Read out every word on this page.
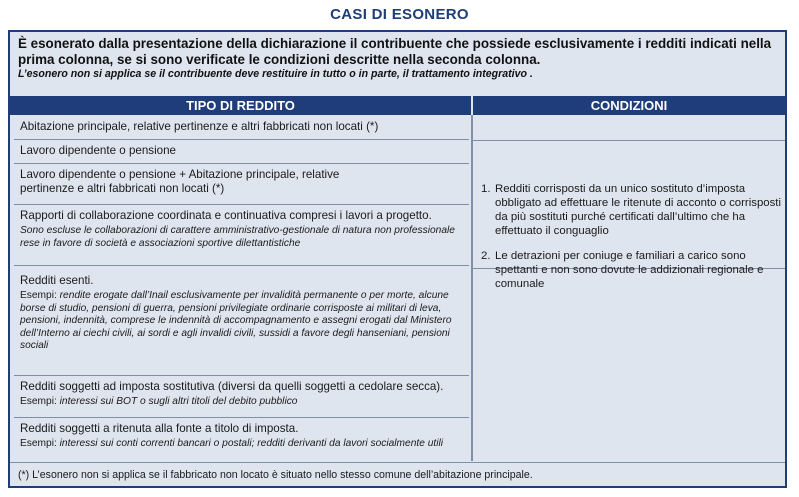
CASI DI ESONERO
È esonerato dalla presentazione della dichiarazione il contribuente che possiede esclusivamente i redditi indicati nella prima colonna, se si sono verificate le condizioni descritte nella seconda colonna.
L’esonero non si applica se il contribuente deve restituire in tutto o in parte, il trattamento integrativo .
TIPO DI REDDITO	CONDIZIONI
Abitazione principale, relative pertinenze e altri fabbricati non locati (*)
Lavoro dipendente o pensione
Lavoro dipendente o pensione + Abitazione principale, relative pertinenze e altri fabbricati non locati (*)
Rapporti di collaborazione coordinata e continuativa compresi i lavori a progetto.
Sono escluse le collaborazioni di carattere amministrativo-gestionale di natura non professionale rese in favore di società e associazioni sportive dilettantistiche
Redditi esenti.
Esempi: rendite erogate dall’Inail esclusivamente per invalidità permanente o per morte, alcune borse di studio, pensioni di guerra, pensioni privilegiate ordinarie corrisposte ai militari di leva, pensioni, indennità, comprese le indennità di accompagnamento e assegni erogati dal Ministero dell’Interno ai ciechi civili, ai sordi e agli invalidi civili, sussidi a favore degli hanseniani, pensioni sociali
Redditi soggetti ad imposta sostitutiva (diversi da quelli soggetti a cedolare secca).
Esempi: interessi sui BOT o sugli altri titoli del debito pubblico
Redditi soggetti a ritenuta alla fonte a titolo di imposta.
Esempi: interessi sui conti correnti bancari o postali; redditi derivanti da lavori socialmente utili
1. Redditi corrisposti da un unico sostituto d’imposta obbligato ad effettuare le ritenute di acconto o corrisposti da più sostituti purché certificati dall’ultimo che ha effettuato il conguaglio
2. Le detrazioni per coniuge e familiari a carico sono spettanti e non sono dovute le addizionali regionale e comunale
(*) L’esonero non si applica se il fabbricato non locato è situato nello stesso comune dell’abitazione principale.
